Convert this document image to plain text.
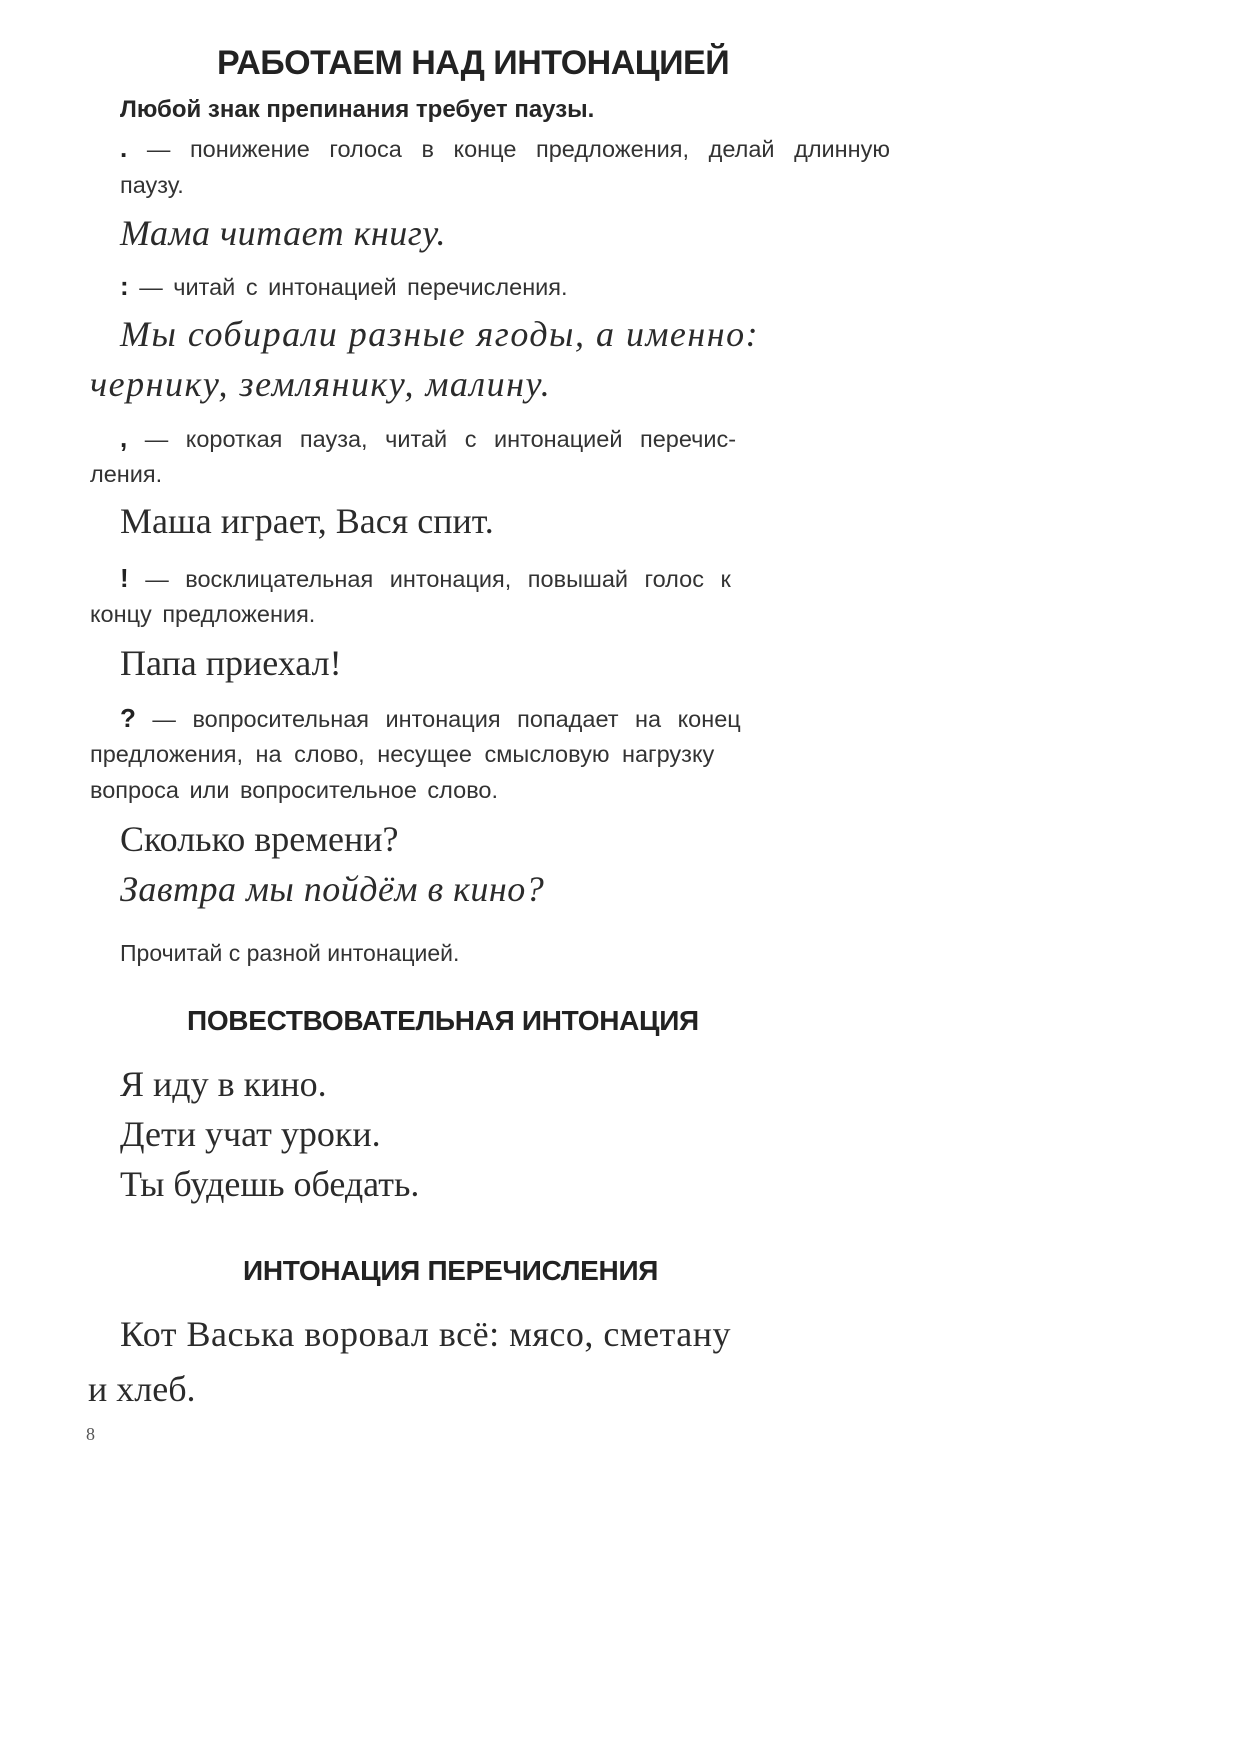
РАБОТАЕМ НАД ИНТОНАЦИЕЙ
Любой знак препинания требует паузы.
. — понижение голоса в конце предложения, делай длинную паузу.
Мама читает книгу.
: — читай с интонацией перечисления.
Мы собирали разные ягоды, а именно:
чернику, землянику, малину.
, — короткая пауза, читай с интонацией перечис-
ления.
Маша играет, Вася спит.
! — восклицательная интонация, повышай голос к
концу предложения.
Папа приехал!
? — вопросительная интонация попадает на конец
предложения, на слово, несущее смысловую нагрузку
вопроса или вопросительное слово.
Сколько времени?
Завтра мы пойдём в кино?
Прочитай с разной интонацией.
ПОВЕСТВОВАТЕЛЬНАЯ ИНТОНАЦИЯ
Я иду в кино.
Дети учат уроки.
Ты будешь обедать.
ИНТОНАЦИЯ ПЕРЕЧИСЛЕНИЯ
Кот Васька воровал всё: мясо, сметану
и хлеб.
8
